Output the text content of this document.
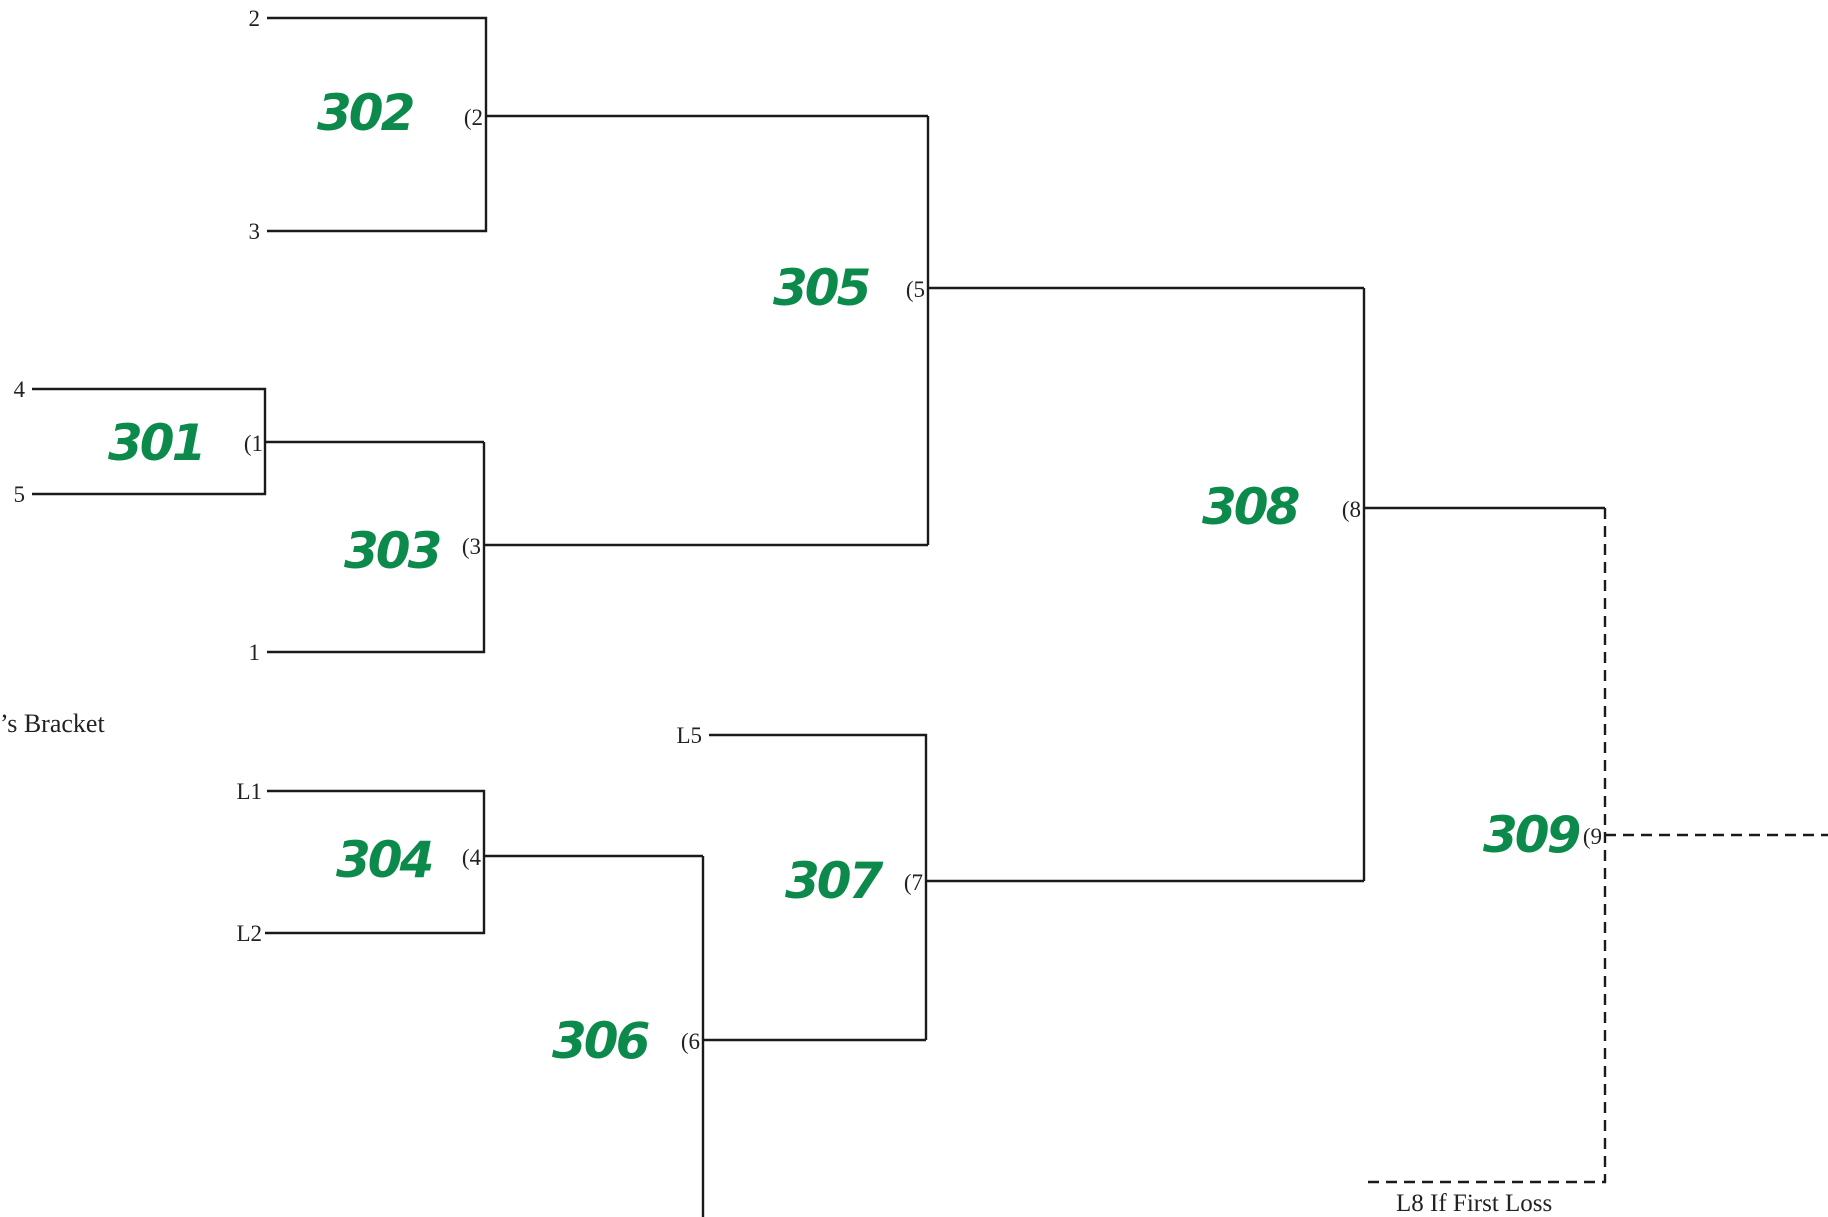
2
3
4
5
1
L5
L1
L2
(1
(2
(3
(4
(5
(6
(7
(8
(9
301
302
303
304
305
306
307
308
309
’s Bracket
L8 If First Loss
